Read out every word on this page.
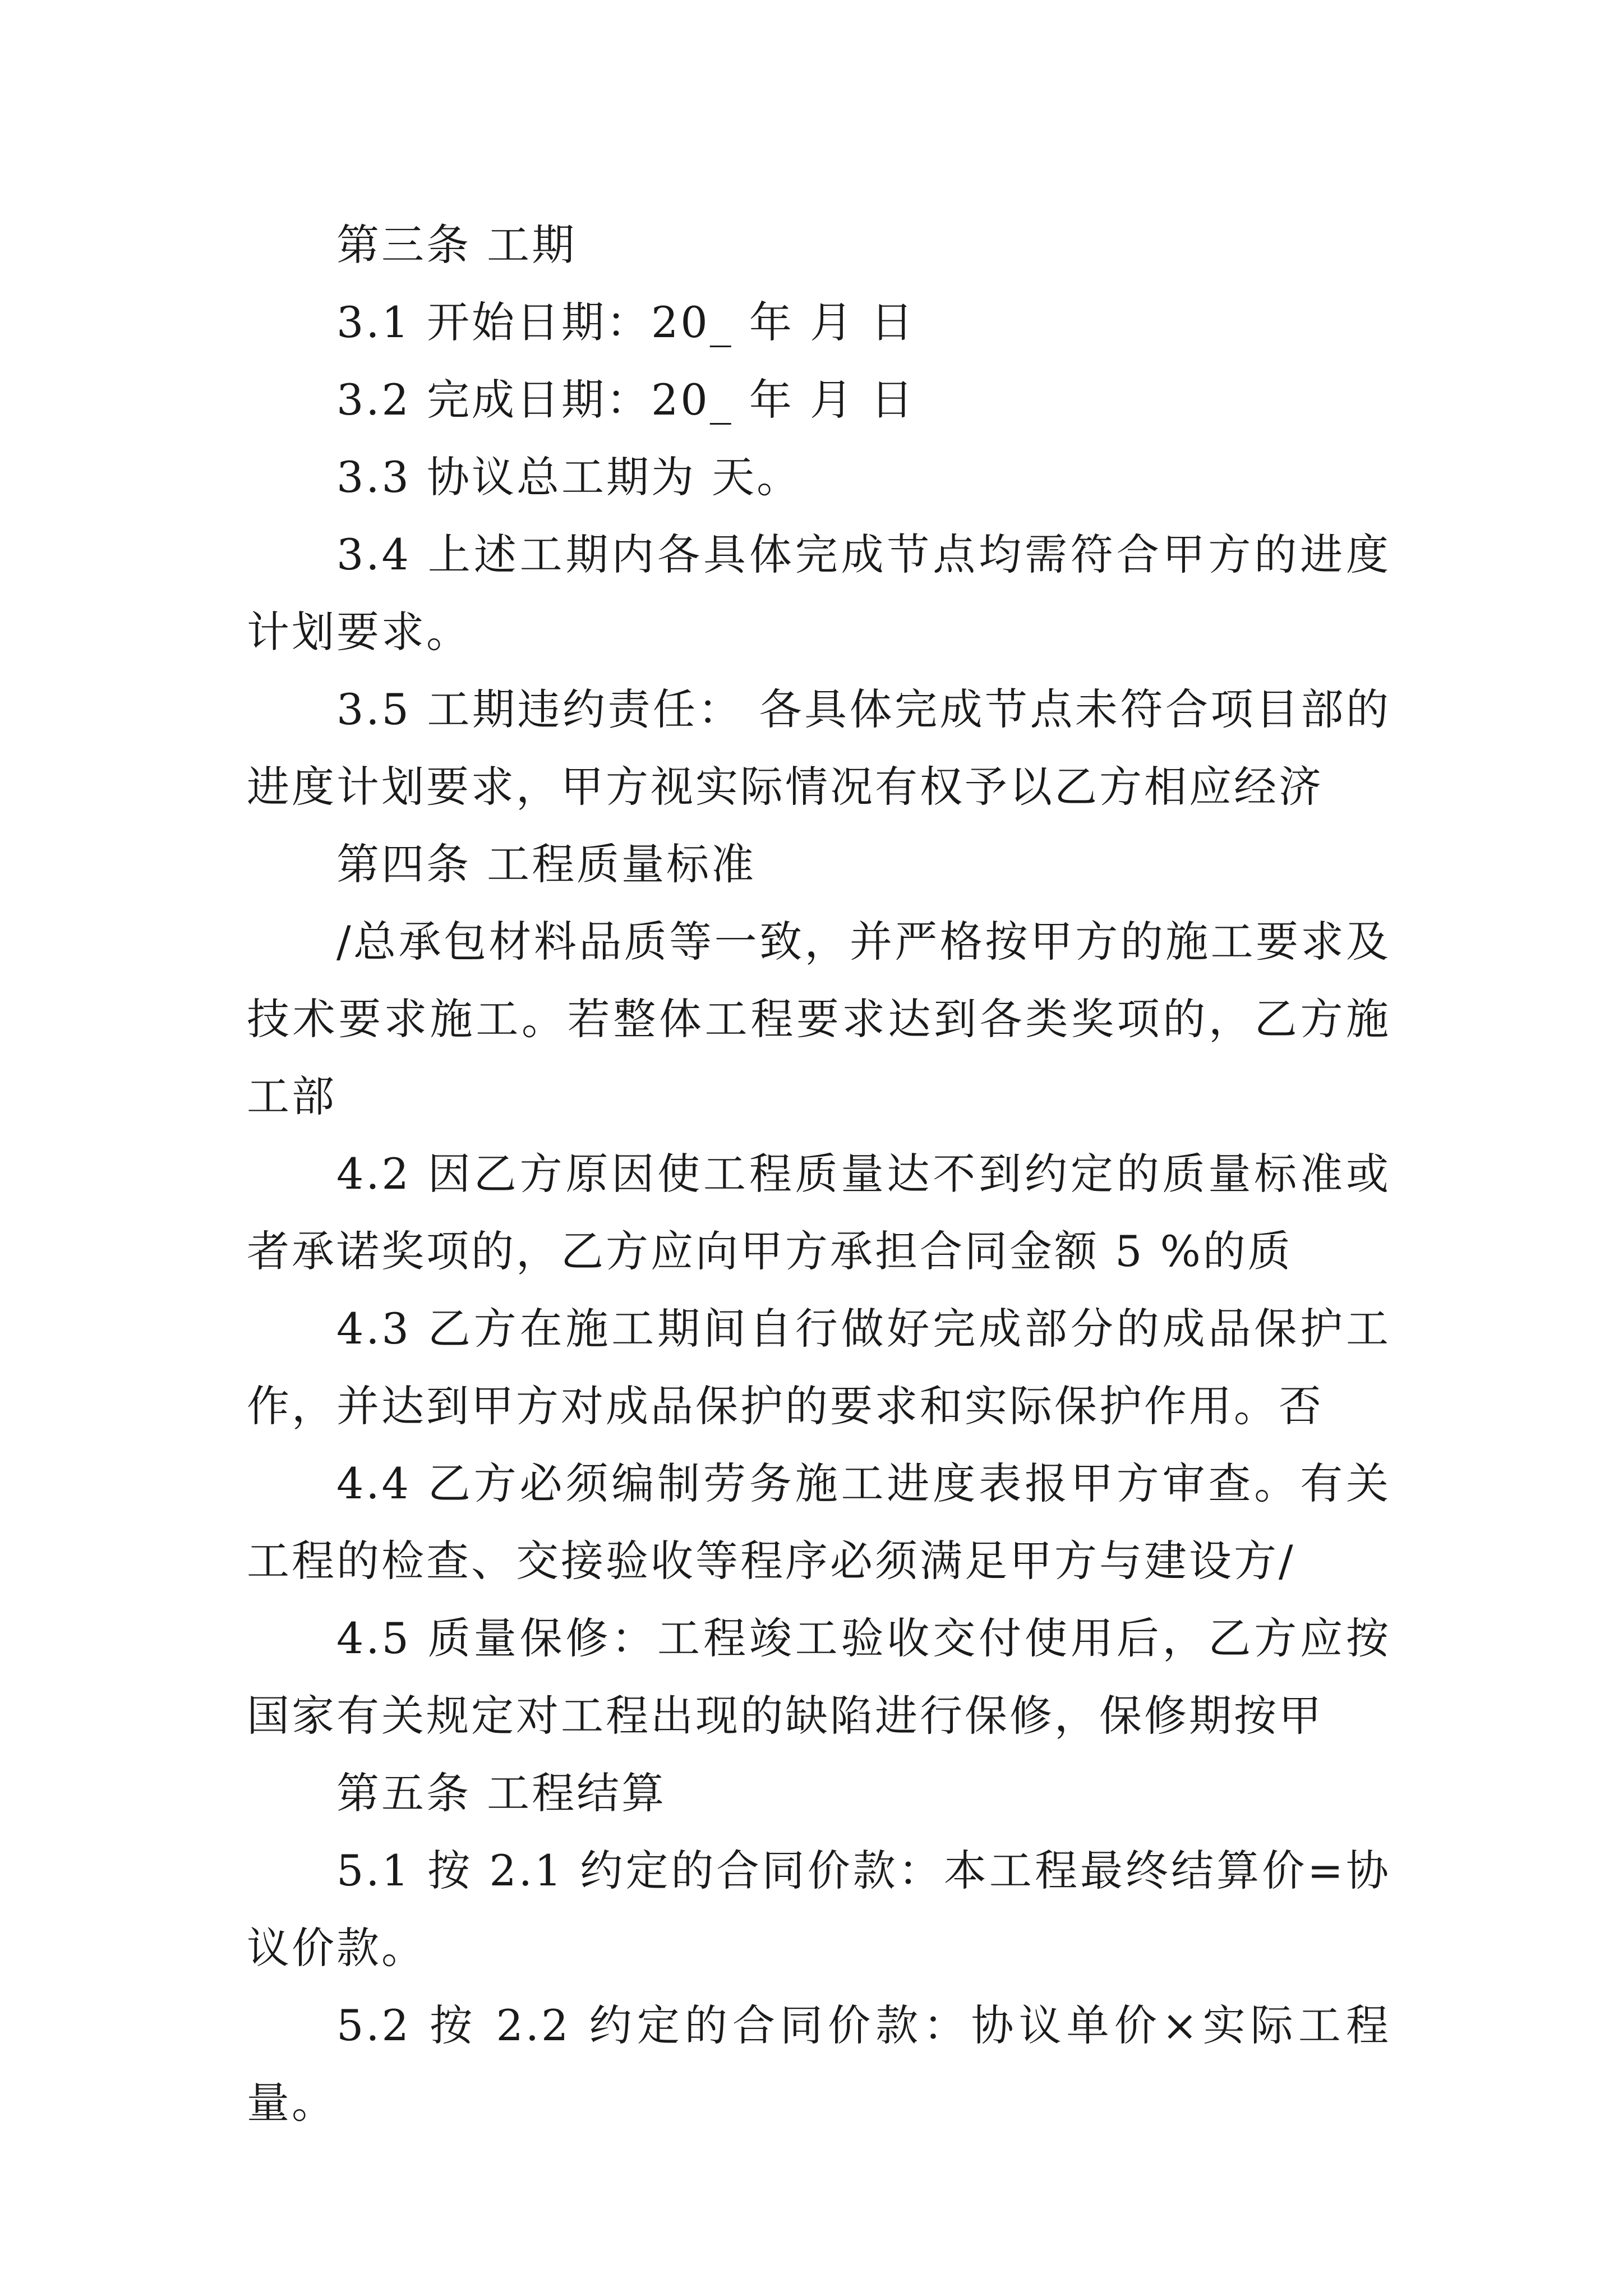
第三条 工期

3.1 开始日期：20_ 年 月 日

3.2 完成日期：20_ 年 月 日

3.3 协议总工期为 天。

3.4 上述工期内各具体完成节点均需符合甲方的进度计划要求。

3.5 工期违约责任： 各具体完成节点未符合项目部的进度计划要求，甲方视实际情况有权予以乙方相应经济

第四条 工程质量标准

/总承包材料品质等一致，并严格按甲方的施工要求及技术要求施工。若整体工程要求达到各类奖项的，乙方施工部

4.2 因乙方原因使工程质量达不到约定的质量标准或者承诺奖项的，乙方应向甲方承担合同金额 5 %的质

4.3 乙方在施工期间自行做好完成部分的成品保护工作，并达到甲方对成品保护的要求和实际保护作用。否

4.4 乙方必须编制劳务施工进度表报甲方审查。有关工程的检查、交接验收等程序必须满足甲方与建设方/

4.5 质量保修：工程竣工验收交付使用后，乙方应按国家有关规定对工程出现的缺陷进行保修，保修期按甲

第五条 工程结算

5.1 按 2.1 约定的合同价款：本工程最终结算价=协议价款。

5.2 按 2.2 约定的合同价款：协议单价×实际工程量。
